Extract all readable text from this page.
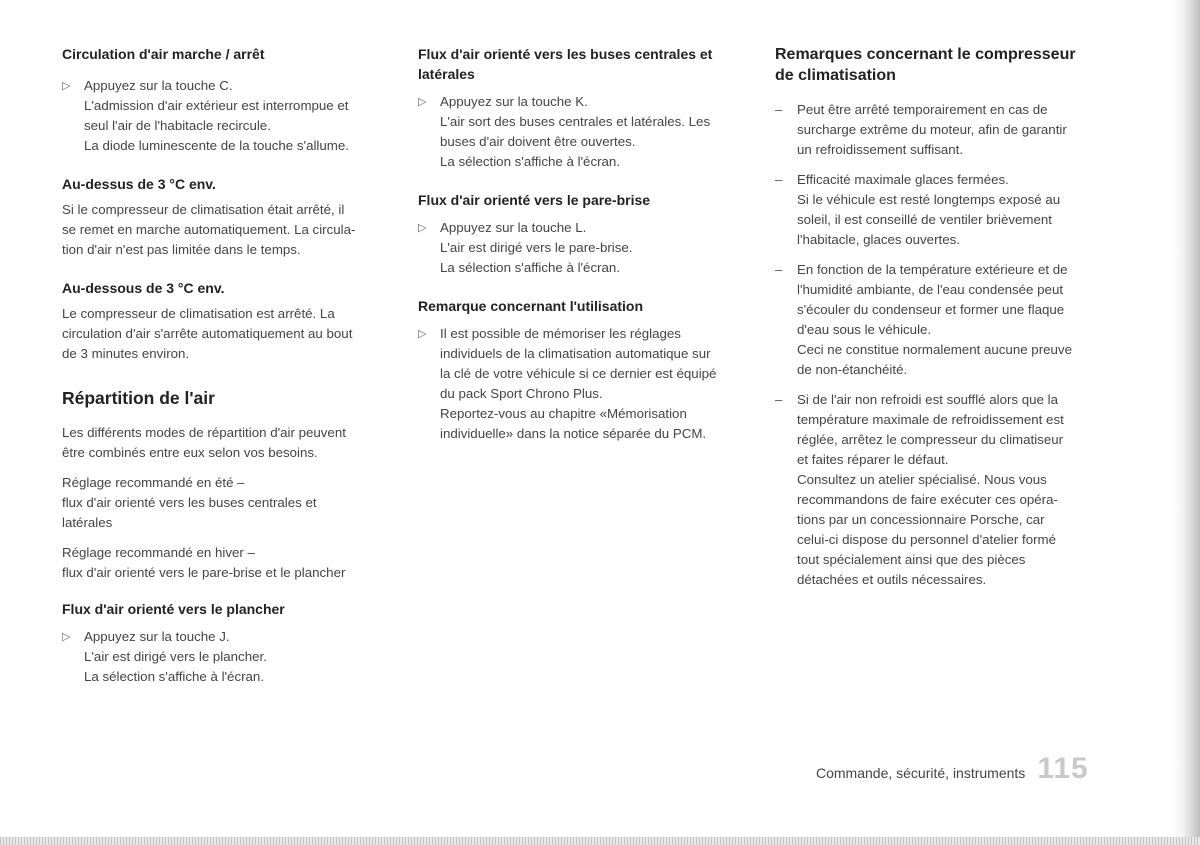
Circulation d'air marche / arrêt
▷	Appuyez sur la touche C.
L'admission d'air extérieur est interrompue et
seul l'air de l'habitacle recircule.
La diode luminescente de la touche s'allume.
Au-dessus de 3 °C env.
Si le compresseur de climatisation était arrêté, il
se remet en marche automatiquement. La circula-
tion d'air n'est pas limitée dans le temps.
Au-dessous de 3 °C env.
Le compresseur de climatisation est arrêté. La
circulation d'air s'arrête automatiquement au bout
de 3 minutes environ.
Répartition de l'air
Les différents modes de répartition d'air peuvent
être combinés entre eux selon vos besoins.
Réglage recommandé en été –
flux d'air orienté vers les buses centrales et
latérales
Réglage recommandé en hiver –
flux d'air orienté vers le pare-brise et le plancher
Flux d'air orienté vers le plancher
▷	Appuyez sur la touche J.
L'air est dirigé vers le plancher.
La sélection s'affiche à l'écran.
Flux d'air orienté vers les buses centrales et
latérales
▷	Appuyez sur la touche K.
L'air sort des buses centrales et latérales. Les
buses d'air doivent être ouvertes.
La sélection s'affiche à l'écran.
Flux d'air orienté vers le pare-brise
▷	Appuyez sur la touche L.
L'air est dirigé vers le pare-brise.
La sélection s'affiche à l'écran.
Remarque concernant l'utilisation
▷	Il est possible de mémoriser les réglages
individuels de la climatisation automatique sur
la clé de votre véhicule si ce dernier est équipé
du pack Sport Chrono Plus.
Reportez-vous au chapitre «Mémorisation
individuelle» dans la notice séparée du PCM.
Remarques concernant le compresseur
de climatisation
–	Peut être arrêté temporairement en cas de
surcharge extrême du moteur, afin de garantir
un refroidissement suffisant.
–	Efficacité maximale glaces fermées.
Si le véhicule est resté longtemps exposé au
soleil, il est conseillé de ventiler brièvement
l'habitacle, glaces ouvertes.
–	En fonction de la température extérieure et de
l'humidité ambiante, de l'eau condensée peut
s'écouler du condenseur et former une flaque
d'eau sous le véhicule.
Ceci ne constitue normalement aucune preuve
de non-étanchéité.
–	Si de l'air non refroidi est soufflé alors que la
température maximale de refroidissement est
réglée, arrêtez le compresseur du climatiseur
et faites réparer le défaut.
Consultez un atelier spécialisé. Nous vous
recommandons de faire exécuter ces opéra-
tions par un concessionnaire Porsche, car
celui-ci dispose du personnel d'atelier formé
tout spécialement ainsi que des pièces
détachées et outils nécessaires.
Commande, sécurité, instruments 115
